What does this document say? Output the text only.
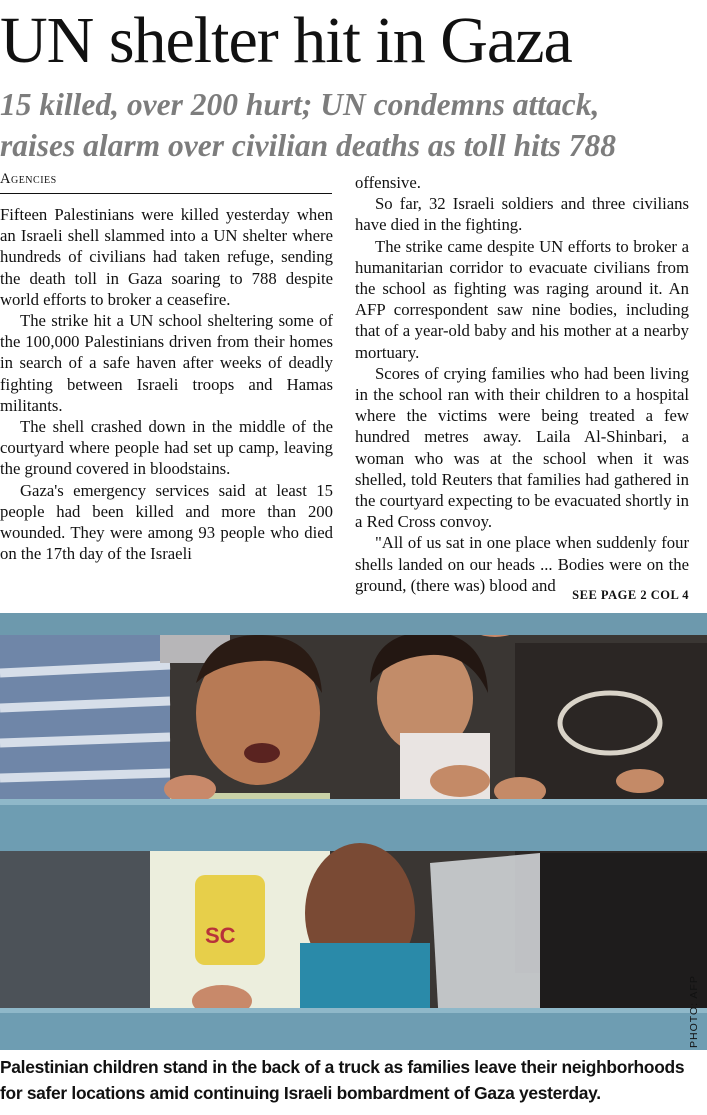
UN shelter hit in Gaza
15 killed, over 200 hurt; UN condemns attack,
raises alarm over civilian deaths as toll hits 788
Agencies

Fifteen Palestinians were killed yesterday when an Israeli shell slammed into a UN shelter where hundreds of civilians had taken refuge, sending the death toll in Gaza soaring to 788 despite world efforts to broker a ceasefire.

The strike hit a UN school sheltering some of the 100,000 Palestinians driven from their homes in search of a safe haven after weeks of deadly fighting between Israeli troops and Hamas militants.

The shell crashed down in the middle of the courtyard where people had set up camp, leaving the ground covered in bloodstains.

Gaza's emergency services said at least 15 people had been killed and more than 200 wounded. They were among 93 people who died on the 17th day of the Israeli

offensive.

So far, 32 Israeli soldiers and three civilians have died in the fighting.

The strike came despite UN efforts to broker a humanitarian corridor to evacuate civilians from the school as fighting was raging around it. An AFP correspondent saw nine bodies, including that of a year-old baby and his mother at a nearby mortuary.

Scores of crying families who had been living in the school ran with their children to a hospital where the victims were being treated a few hundred metres away. Laila Al-Shinbari, a woman who was at the school when it was shelled, told Reuters that families had gathered in the courtyard expecting to be evacuated shortly in a Red Cross convoy.

"All of us sat in one place when suddenly four shells landed on our heads ... Bodies were on the ground, (there was) blood and

SEE PAGE 2 COL 4
SC
PHOTO: AFP

Palestinian children stand in the back of a truck as families leave their neighborhoods
for safer locations amid continuing Israeli bombardment of Gaza yesterday.
